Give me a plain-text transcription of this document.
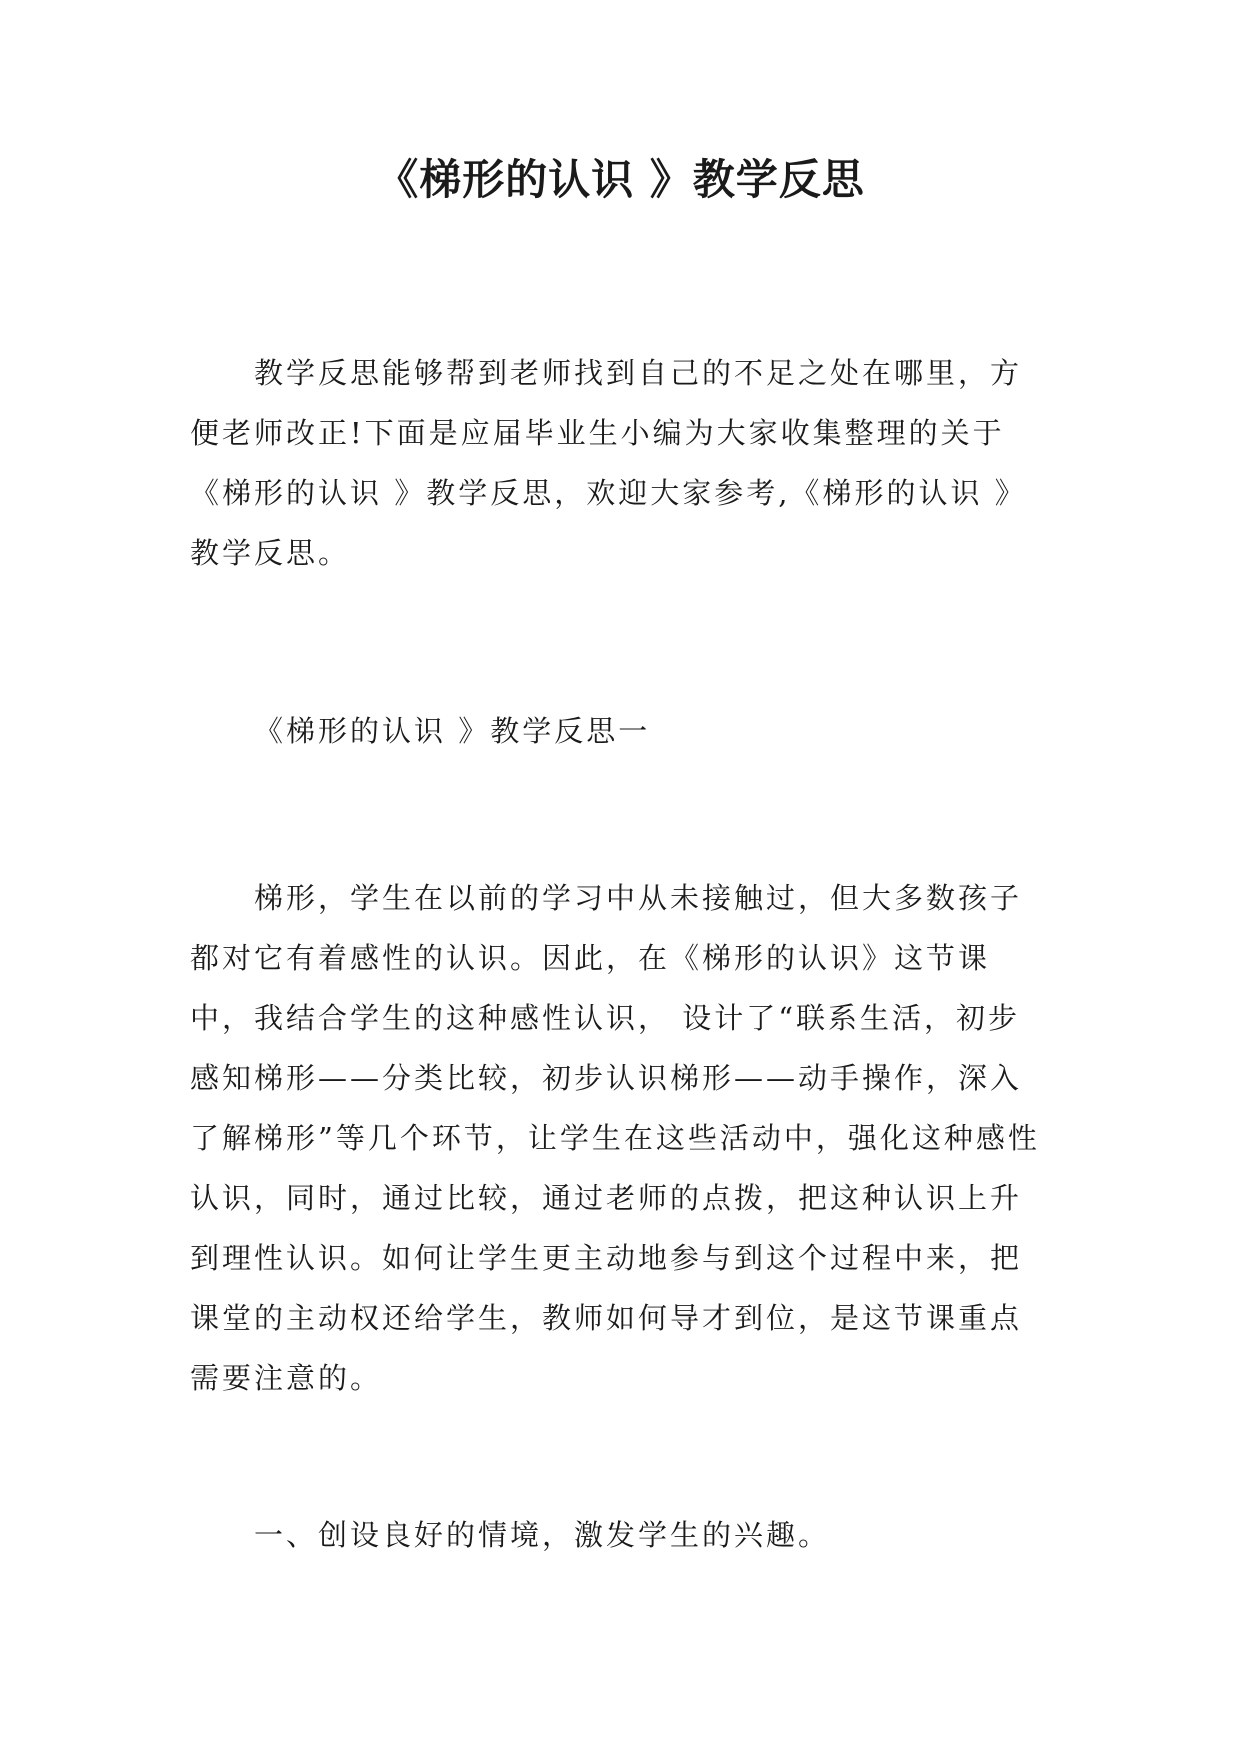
《梯形的认识 》教学反思

教学反思能够帮到老师找到自己的不足之处在哪里，方便老师改正!下面是应届毕业生小编为大家收集整理的关于《梯形的认识 》教学反思，欢迎大家参考,《梯形的认识 》教学反思。

《梯形的认识 》教学反思一

梯形，学生在以前的学习中从未接触过，但大多数孩子都对它有着感性的认识。因此，在《梯形的认识》这节课中，我结合学生的这种感性认识， 设计了“联系生活，初步感知梯形——分类比较，初步认识梯形——动手操作，深入了解梯形”等几个环节，让学生在这些活动中，强化这种感性认识，同时，通过比较，通过老师的点拨，把这种认识上升到理性认识。如何让学生更主动地参与到这个过程中来，把课堂的主动权还给学生，教师如何导才到位，是这节课重点需要注意的。

一、创设良好的情境，激发学生的兴趣。
